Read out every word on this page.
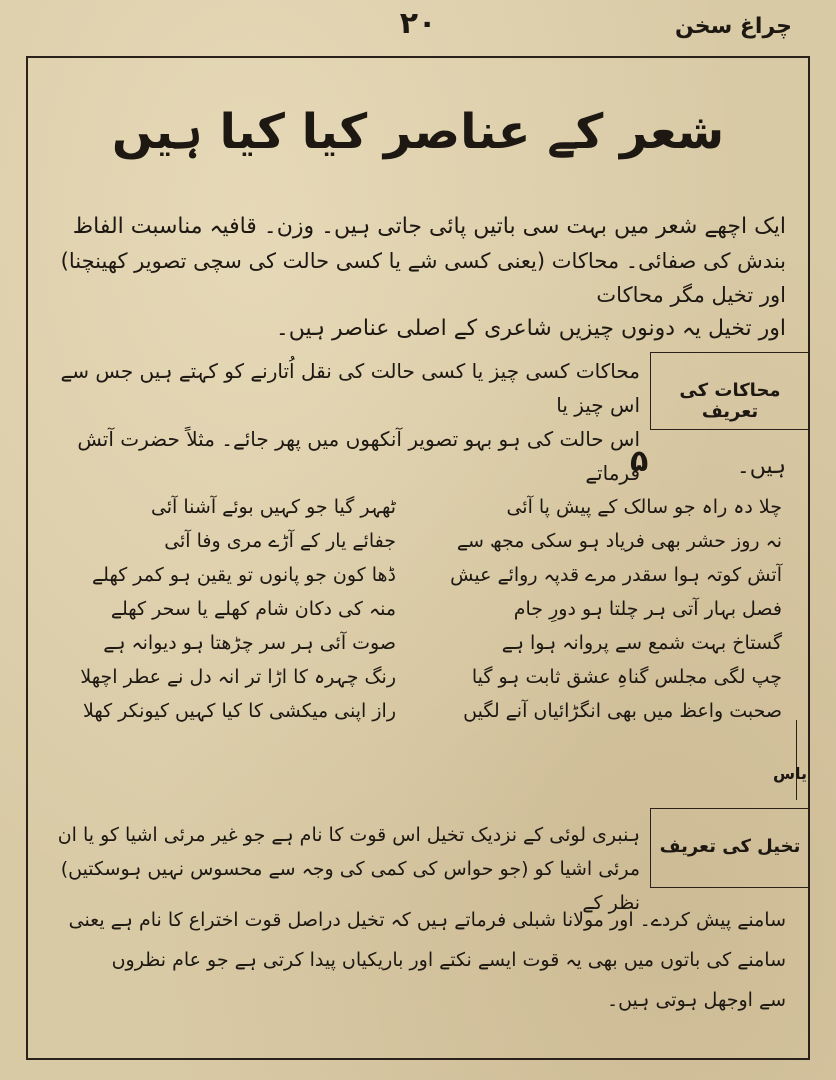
چراغ سخن
۲۰
شعر کے عناصر کیا کیا ہیں
ایک اچھے شعر میں بہت سی باتیں پائی جاتی ہیں۔ وزن۔ قافیہ مناسبت الفاظ
بندش کی صفائی۔ محاکات (یعنی کسی شے یا کسی حالت کی سچی تصویر کھینچنا) اور تخیل مگر محاکات
اور تخیل یہ دونوں چیزیں شاعری کے اصلی عناصر ہیں۔
محاکات کی تعریف
محاکات کسی چیز یا کسی حالت کی نقل اُتارنے کو کہتے ہیں جس سے اس چیز یا
اس حالت کی ہو بہو تصویر آنکھوں میں پھر جائے۔ مثلاً حضرت آتش فرماتے	ہیں۔
۵
چلا دہ راہ جو سالک کے پیش پا آئی
نہ روز حشر بھی فریاد ہو سکی مجھ سے
آتش کوتہ ہوا سقدر مرے قدپہ روائے عیش
فصل بہار آتی ہر چلتا ہو دورِ جام
گستاخ بہت شمع سے پروانہ ہوا ہے
چپ لگی مجلس گناہِ عشق ثابت ہو گیا
صحبت واعظ میں بھی انگڑائیاں آنے لگیں
یاس
ٹھہر گیا جو کہیں بوئے آشنا آئی
جفائے یار کے آڑے مری وفا آئی
ڈھا کون جو پانوں تو یقین ہو کمر کھلے
منہ کی دکان شام کھلے یا سحر کھلے
صوت آئی ہر سر چڑھتا ہو دیوانہ ہے
رنگ چہرہ کا اڑا تر انہ دل نے عطر اچھلا
راز اپنی میکشی کا کیا کہیں کیونکر کھلا
تخیل کی تعریف
ہنبری لوئی کے نزدیک تخیل اس قوت کا نام ہے جو غیر مرئی اشیا کو یا ان
مرئی اشیا کو (جو حواس کی کمی کی وجہ سے محسوس نہیں ہوسکتیں) نظر کے
سامنے پیش کردے۔ اور مولانا شبلی فرماتے ہیں کہ تخیل دراصل قوت اختراع کا نام ہے یعنی
سامنے کی باتوں میں بھی یہ قوت ایسے نکتے اور باریکیاں پیدا کرتی ہے جو عام نظروں
سے اوجھل ہوتی ہیں۔
